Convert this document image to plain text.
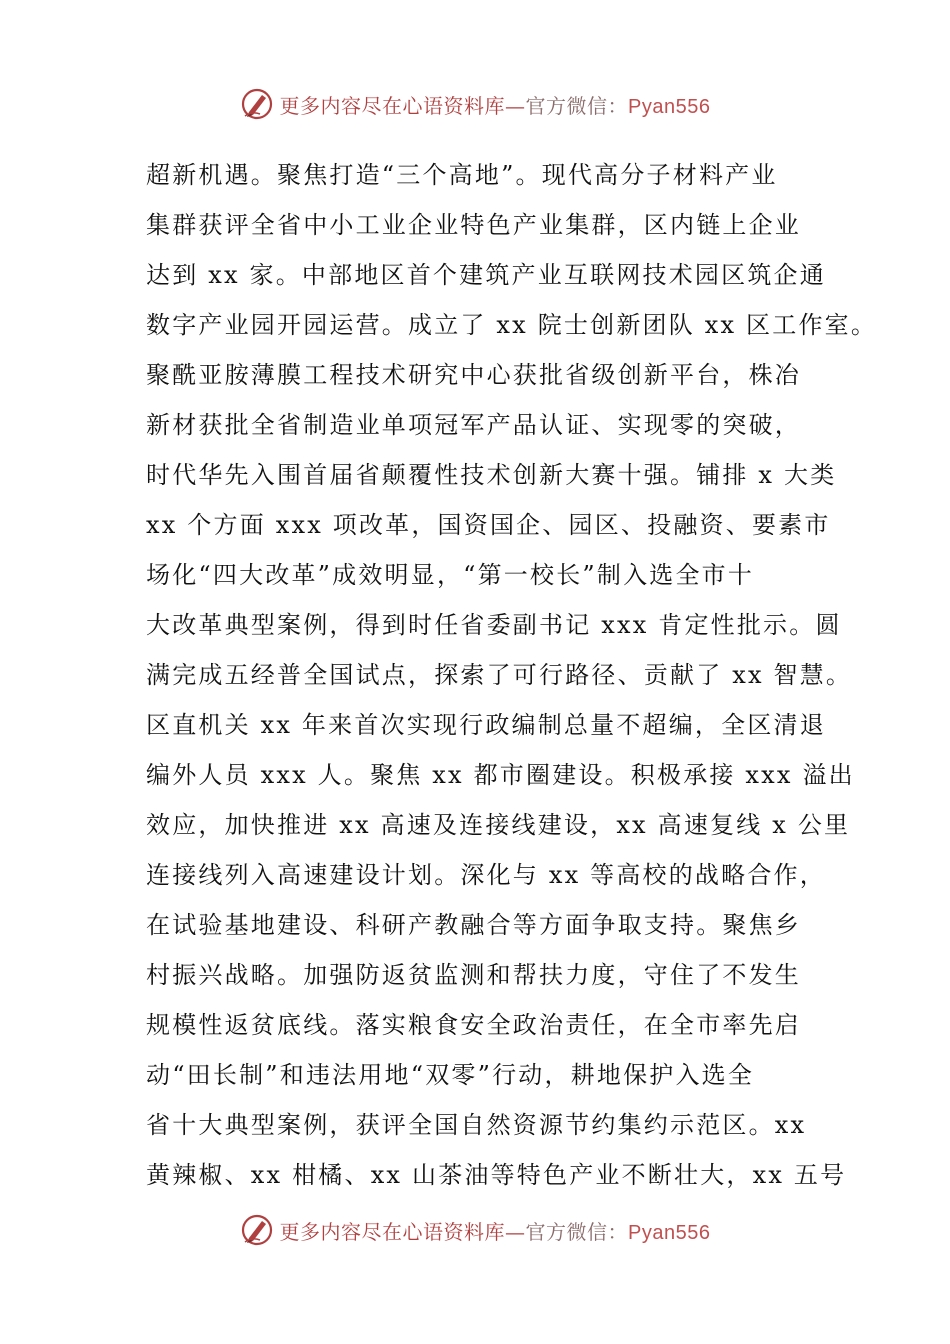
更多内容尽在心语资料库—官方微信：Pyan556
超新机遇。聚焦打造“三个高地”。现代高分子材料产业
集群获评全省中小工业企业特色产业集群，区内链上企业
达到 xx 家。中部地区首个建筑产业互联网技术园区筑企通
数字产业园开园运营。成立了 xx 院士创新团队 xx 区工作室。
聚酰亚胺薄膜工程技术研究中心获批省级创新平台，株冶
新材获批全省制造业单项冠军产品认证、实现零的突破，
时代华先入围首届省颠覆性技术创新大赛十强。铺排 x 大类
xx 个方面 xxx 项改革，国资国企、园区、投融资、要素市
场化“四大改革”成效明显，“第一校长”制入选全市十
大改革典型案例，得到时任省委副书记 xxx 肯定性批示。圆
满完成五经普全国试点，探索了可行路径、贡献了 xx 智慧。
区直机关 xx 年来首次实现行政编制总量不超编，全区清退
编外人员 xxx 人。聚焦 xx 都市圈建设。积极承接 xxx 溢出
效应，加快推进 xx 高速及连接线建设，xx 高速复线 x 公里
连接线列入高速建设计划。深化与 xx 等高校的战略合作，
在试验基地建设、科研产教融合等方面争取支持。聚焦乡
村振兴战略。加强防返贫监测和帮扶力度，守住了不发生
规模性返贫底线。落实粮食安全政治责任，在全市率先启
动“田长制”和违法用地“双零”行动，耕地保护入选全
省十大典型案例，获评全国自然资源节约集约示范区。xx
黄辣椒、xx 柑橘、xx 山茶油等特色产业不断壮大，xx 五号
更多内容尽在心语资料库—官方微信：Pyan556
